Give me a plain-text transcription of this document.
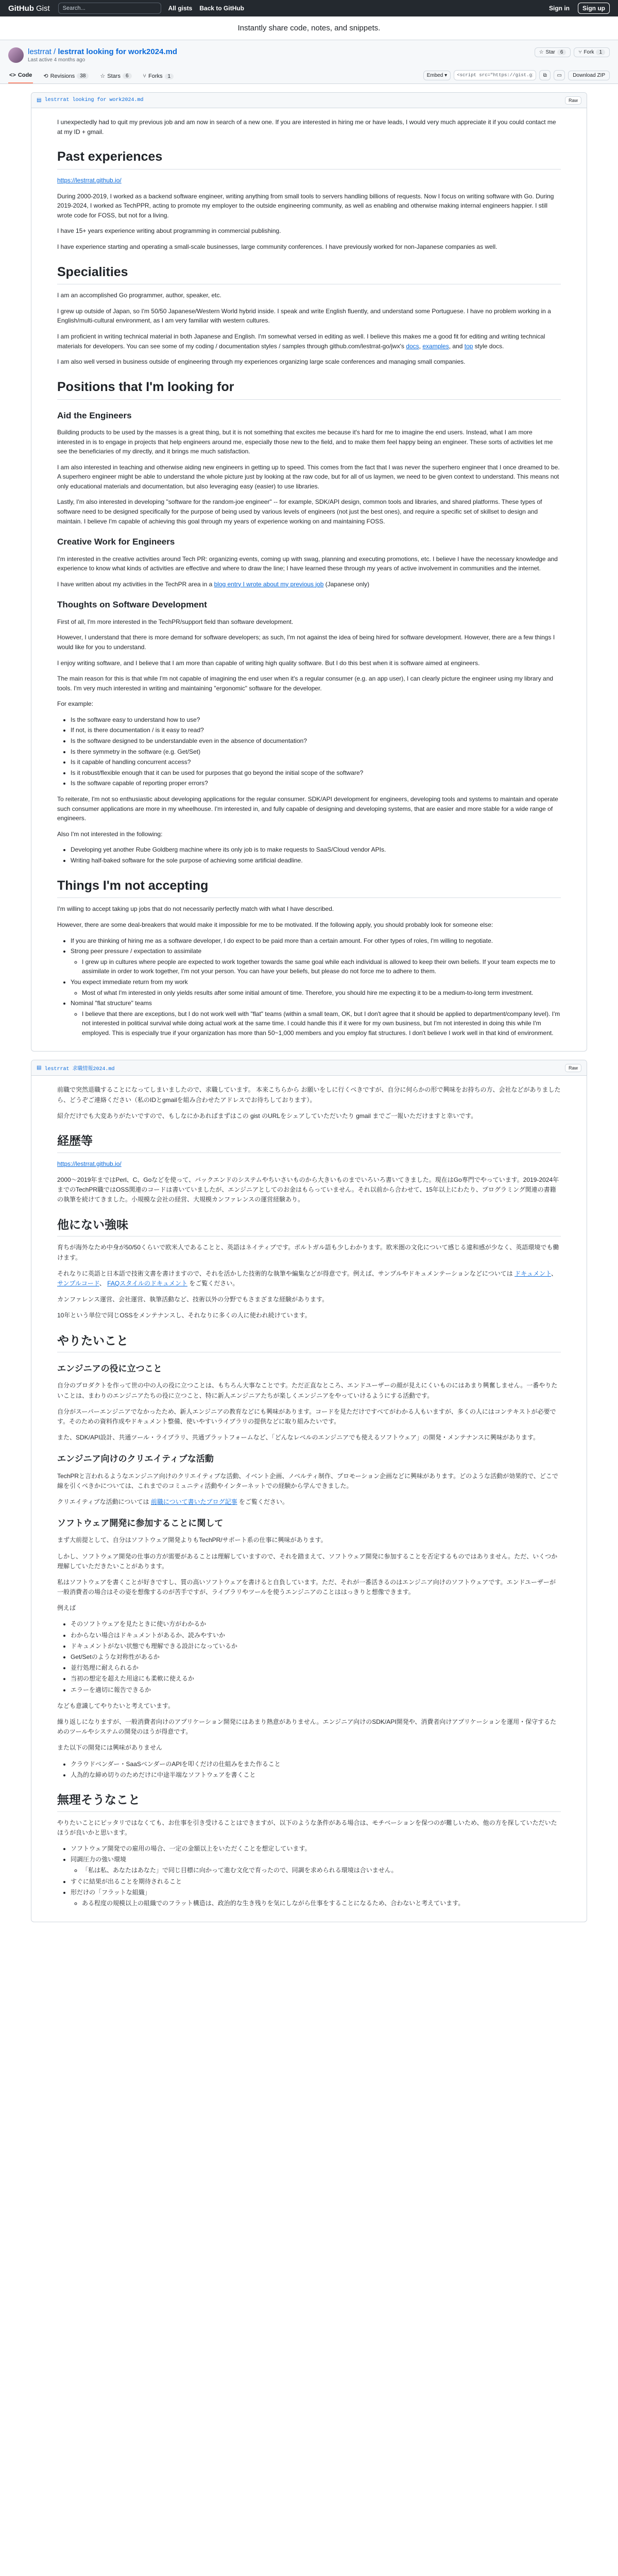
GitHub Gist
Search...	All gists Back to GitHub	Sign in	Sign up
Instantly share code, notes, and snippets.
lestrrat / lestrrat looking for work2024.md
Last active 4 months ago
☆ Star	6	⑂ Fork	1
<> Code ⟲ Revisions	38	☆ Stars	6	⑂ Forks	1	Embed ▾
<script src="https://gist.github.com/lestrrat/...	⧉ ▭	Download ZIP
▤ lestrrat looking for work2024.md	Raw

I unexpectedly had to quit my previous job and am now in search of a new one. If you are interested in hiring me or have leads, I would very much appreciate it if you could contact me at my ID + gmail.

Past experiences

https://lestrrat.github.io/

During 2000-2019, I worked as a backend software engineer, writing anything from small tools to servers handling billions of requests. Now I focus on writing software with Go. During 2019-2024, I worked as TechPPR, acting to promote my employer to the outside engineering community, as well as enabling and otherwise making internal engineers happier. I still wrote code for FOSS, but not for a living.

I have 15+ years experience writing about programming in commercial publishing.

I have experience starting and operating a small-scale businesses, large community conferences. I have previously worked for non-Japanese companies as well.

Specialities

I am an accomplished Go programmer, author, speaker, etc.

I grew up outside of Japan, so I'm 50/50 Japanese/Western World hybrid inside. I speak and write English fluently, and understand some Portuguese. I have no problem working in a English/multi-cultural environment, as I am very familiar with western cultures.

I am proficient in writing technical material in both Japanese and English. I'm somewhat versed in editing as well. I believe this makes me a good fit for editing and writing technical materials for developers. You can see some of my coding / documentation styles / samples through github.com/lestrrat-go/jwx's docs, examples, and top style docs.

I am also well versed in business outside of engineering through my experiences organizing large scale conferences and managing small companies.

Positions that I'm looking for
Aid the Engineers

Building products to be used by the masses is a great thing, but it is not something that excites me because it's hard for me to imagine the end users. Instead, what I am more interested in is to engage in projects that help engineers around me, especially those new to the field, and to make them feel happy being an engineer. These sorts of activities let me see the beneficiaries of my directly, and it brings me much satisfaction.

I am also interested in teaching and otherwise aiding new engineers in getting up to speed. This comes from the fact that I was never the superhero engineer that I once dreamed to be. A superhero engineer might be able to understand the whole picture just by looking at the raw code, but for all of us laymen, we need to be given context to understand. This means not only educational materials and documentation, but also leveraging easy (easier) to use libraries.

Lastly, I'm also interested in developing "software for the random-joe engineer" -- for example, SDK/API design, common tools and libraries, and shared platforms. These types of software need to be designed specifically for the purpose of being used by various levels of engineers (not just the best ones), and require a specific set of skillset to design and maintain. I believe I'm capable of achieving this goal through my years of experience working on and maintaining FOSS.

Creative Work for Engineers

I'm interested in the creative activities around Tech PR: organizing events, coming up with swag, planning and executing promotions, etc. I believe I have the necessary knowledge and experience to know what kinds of activities are effective and where to draw the line; I have learned these through my years of active involvement in communities and the internet.

I have written about my activities in the TechPR area in a blog entry I wrote about my previous job (Japanese only)

Thoughts on Software Development

First of all, I'm more interested in the TechPR/support field than software development.

However, I understand that there is more demand for software developers; as such, I'm not against the idea of being hired for software development. However, there are a few things I would like for you to understand.

I enjoy writing software, and I believe that I am more than capable of writing high quality software. But I do this best when it is software aimed at engineers.

The main reason for this is that while I'm not capable of imagining the end user when it's a regular consumer (e.g. an app user), I can clearly picture the engineer using my library and tools. I'm very much interested in writing and maintaining "ergonomic" software for the developer.

For example:

• Is the software easy to understand how to use?
• If not, is there documentation / is it easy to read?
• Is the software designed to be understandable even in the absence of documentation?
• Is there symmetry in the software (e.g. Get/Set)
• Is it capable of handling concurrent access?
• Is it robust/flexible enough that it can be used for purposes that go beyond the initial scope of the software?
• Is the software capable of reporting proper errors?

To reiterate, I'm not so enthusiastic about developing applications for the regular consumer. SDK/API development for engineers, developing tools and systems to maintain and operate such consumer applications are more in my wheelhouse. I'm interested in, and fully capable of designing and developing systems, that are easier and more stable for a wide range of engineers.

Also I'm not interested in the following:

• Developing yet another Rube Goldberg machine where its only job is to make requests to SaaS/Cloud vendor APIs.
• Writing half-baked software for the sole purpose of achieving some artificial deadline.
Things I'm not accepting

I'm willing to accept taking up jobs that do not necessarily perfectly match with what I have described.

However, there are some deal-breakers that would make it impossible for me to be motivated. If the following apply, you should probably look for someone else:

• If you are thinking of hiring me as a software developer, I do expect to be paid more than a certain amount. For other types of roles, I'm willing to negotiate.
• Strong peer pressure / expectation to assimilate
◦ I grew up in cultures where people are expected to work together towards the same goal while each individual is allowed to keep their own beliefs. If your team expects me to assimilate in order to work together, I'm not your person. You can have your beliefs, but please do not force me to adhere to them.
• You expect immediate return from my work
◦ Most of what I'm interested in only yields results after some initial amount of time. Therefore, you should hire me expecting it to be a medium-to-long term investment.
• Nominal "flat structure" teams
◦ I believe that there are exceptions, but I do not work well with "flat" teams (within a small team, OK, but I don't agree that it should be applied to department/company level). I'm not interested in political survival while doing actual work at the same time. I could handle this if it were for my own business, but I'm not interested in doing this while I'm employed. This is especially true if your organization has more than 50~1,000 members and you employ flat structures. I don't believe I work well in that kind of environment.
▤ lestrrat 求職情報2024.md	Raw

前職で突然退職することになってしまいましたので、求職しています。 本来こちらから お願いをしに行くべきですが、自分に何らかの形で興味をお持ちの方、会社などがありましたら、どうぞご連絡ください（私のIDとgmailを組み合わせたアドレスでお待ちしております）。

紹介だけでも大変ありがたいですので、もしなにかあればまずはこの gist のURLをシェアしていただいたり gmail までご一報いただけますと幸いです。

経歴等

https://lestrrat.github.io/

2000〜2019年まではPerl、C、Goなどを使って、バックエンドのシステムやちいさいものから大きいものまでいろいろ書いてきました。現在はGo専門でやっています。2019-2024年までのTechPR職ではOSS関連のコードは書いていましたが、エンジニアとしてのお金はもらっていません。それ以前から合わせて、15年以上にわたり、プログラミング関連の書籍の執筆を続けてきました。小規模な会社の経営、大規模カンファレンスの運営経験あり。

他にない強味

育ちが海外なため中身が50/50くらいで欧米人であることと、英語はネイティブです。ポルトガル語も少しわかります。欧米圏の文化について感じる違和感が少なく、英語環境でも働けます。

それなりに英語と日本語で技術文書を書けますので、それを活かした技術的な執筆や編集などが得意です。例えば、サンプルやドキュメンテーションなどについては ドキュメント、 サンプルコード、 FAQスタイルのドキュメント をご覧ください。

カンファレンス運営、会社運営、執筆活動など、技術以外の分野でもさまざまな経験があります。

10年という単位で同じOSSをメンテナンスし、それなりに多くの人に使われ続けています。

やりたいこと
エンジニアの役に立つこと

自分のプロダクトを作って世の中の人の役に立つことは、もちろん大事なことです。ただ正直なところ、エンドユーザーの顔が見えにくいものにはあまり興奮しません。一番やりたいことは、まわりのエンジニアたちの役に立つこと、特に新人エンジニアたちが楽しくエンジニアをやっていけるようにする活動です。

自分がスーパーエンジニアでなかったため、新人エンジニアの教育などにも興味があります。コードを見ただけですべてがわかる人もいますが、多くの人にはコンテキストが必要です。そのための資料作成やドキュメント整備、使いやすいライブラリの提供などに取り組みたいです。

また、SDK/API設計、共通ツール・ライブラリ、共通プラットフォームなど、「どんなレベルのエンジニアでも使えるソフトウェア」の開発・メンテナンスに興味があります。

エンジニア向けのクリエイティブな活動

TechPRと言われるようなエンジニア向けのクリエイティブな活動、イベント企画、ノベルティ制作、プロモーション企画などに興味があります。どのような活動が効果的で、どこで線を引くべきかについては、これまでのコミュニティ活動やインターネットでの経験から学んできました。

クリエイティブな活動については 前職について書いたブログ記事 をご覧ください。

ソフトウェア開発に参加することに関して

まず大前提として、自分はソフトウェア開発よりもTechPR/サポート系の仕事に興味があります。

しかし、ソフトウェア開発の仕事の方が需要があることは理解していますので、それを踏まえて、ソフトウェア開発に参加することを否定するものではありません。ただ、いくつか理解していただきたいことがあります。

私はソフトウェアを書くことが好きですし、質の高いソフトウェアを書けると自負しています。ただ、それが一番活きるのはエンジニア向けのソフトウェアです。エンドユーザーが一般消費者の場合はその姿を想像するのが苦手ですが、ライブラリやツールを使うエンジニアのことははっきりと想像できます。

例えば

• そのソフトウェアを見たときに使い方がわかるか
• わからない場合はドキュメントがあるか、読みやすいか
• ドキュメントがない状態でも理解できる設計になっているか
• Get/Setのような対称性があるか
• 並行処理に耐えられるか
• 当初の想定を超えた用途にも柔軟に使えるか
• エラーを適切に報告できるか

なども意識してやりたいと考えています。

繰り返しになりますが、一般消費者向けのアプリケーション開発にはあまり熱意がありません。エンジニア向けのSDK/API開発や、消費者向けアプリケーションを運用・保守するためのツールやシステムの開発のほうが得意です。

また以下の開発には興味がありません

• クラウドベンダー・SaaSベンダーのAPIを叩くだけの仕組みをまた作ること
• 人為的な締め切りのためだけに中途半端なソフトウェアを書くこと
無理そうなこと

やりたいことにピッタリではなくても、お仕事を引き受けることはできますが、以下のような条件がある場合は、モチベーションを保つのが難しいため、他の方を探していただいたほうが良いかと思います。

• ソフトウェア開発での雇用の場合、一定の金額以上をいただくことを想定しています。
• 同調圧力の強い環境
◦ 「私は私、あなたはあなた」で同じ目標に向かって進む文化で育ったので、同調を求められる環境は合いません。
• すぐに結果が出ることを期待されること
• 形だけの「フラットな組織」
◦ ある程度の規模以上の組織でのフラット構造は、政治的な生き残りを気にしながら仕事をすることになるため、合わないと考えています。
